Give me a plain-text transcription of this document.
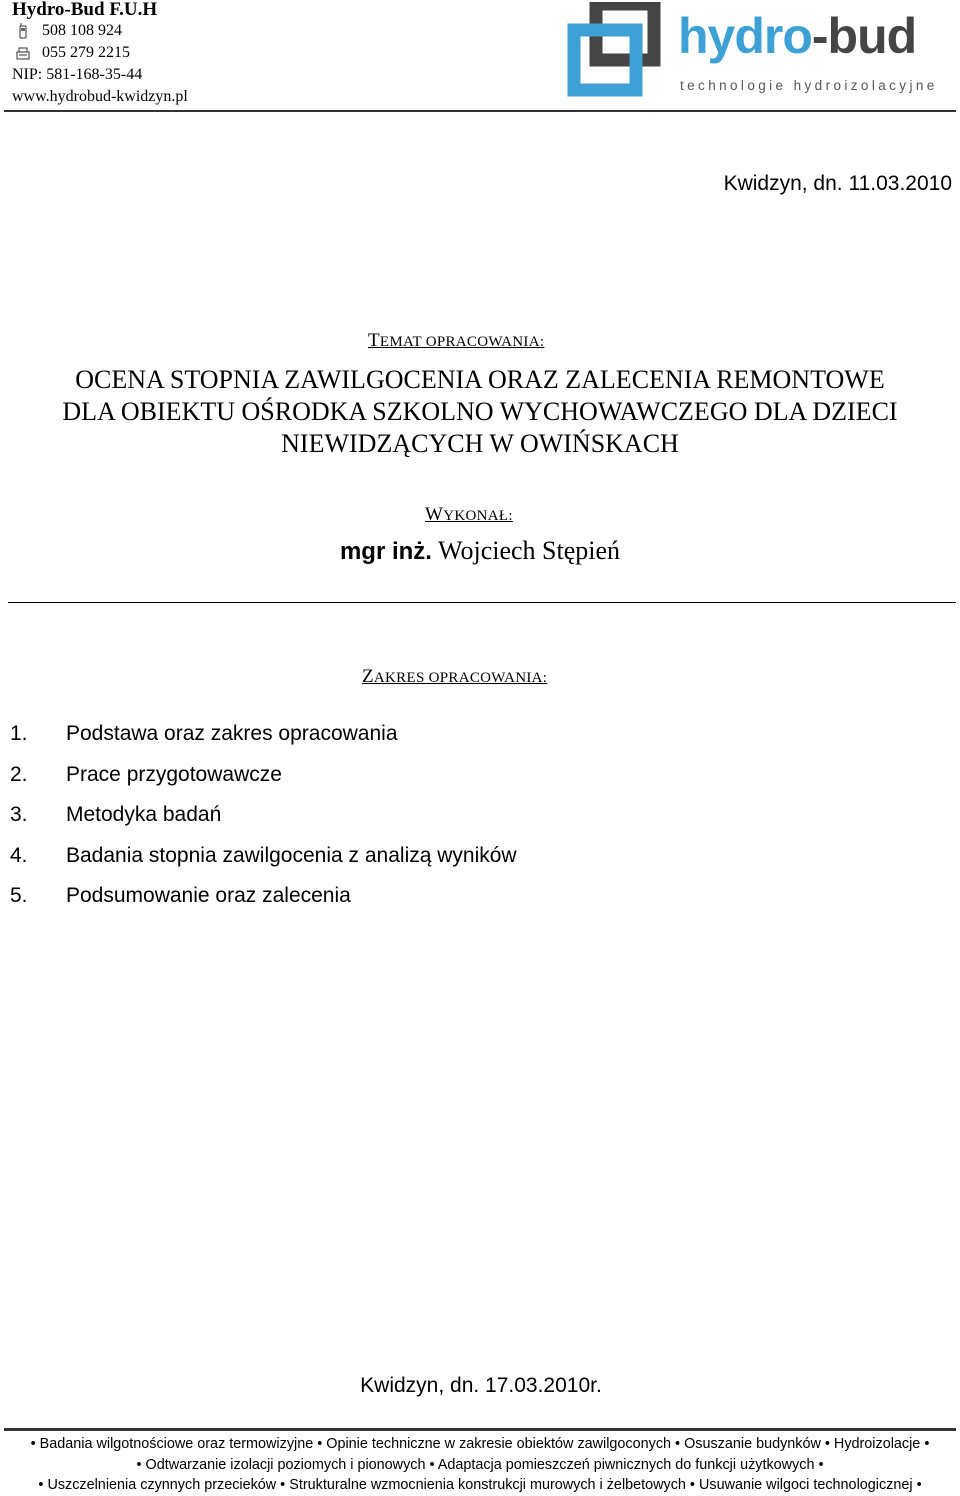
Hydro-Bud F.U.H
508 108 924
055 279 2215
NIP: 581-168-35-44
www.hydrobud-kwidzyn.pl
hydro-bud
technologie hydroizolacyjne
Kwidzyn, dn. 11.03.2010
TEMAT OPRACOWANIA:
OCENA STOPNIA ZAWILGOCENIA ORAZ ZALECENIA REMONTOWE
DLA OBIEKTU OŚRODKA SZKOLNO WYCHOWAWCZEGO DLA DZIECI
NIEWIDZĄCYCH W OWIŃSKACH
WYKONAŁ:
mgr inż. Wojciech Stępień
ZAKRES OPRACOWANIA:
1.	Podstawa oraz zakres opracowania
2.	Prace przygotowawcze
3.	Metodyka badań
4.	Badania stopnia zawilgocenia z analizą wyników
5.	Podsumowanie oraz zalecenia
Kwidzyn, dn. 17.03.2010r.
• Badania wilgotnościowe oraz termowizyjne • Opinie techniczne w zakresie obiektów zawilgoconych • Osuszanie budynków • Hydroizolacje •
• Odtwarzanie izolacji poziomych i pionowych • Adaptacja pomieszczeń piwnicznych do funkcji użytkowych •
• Uszczelnienia czynnych przecieków • Strukturalne wzmocnienia konstrukcji murowych i żelbetowych • Usuwanie wilgoci technologicznej •
